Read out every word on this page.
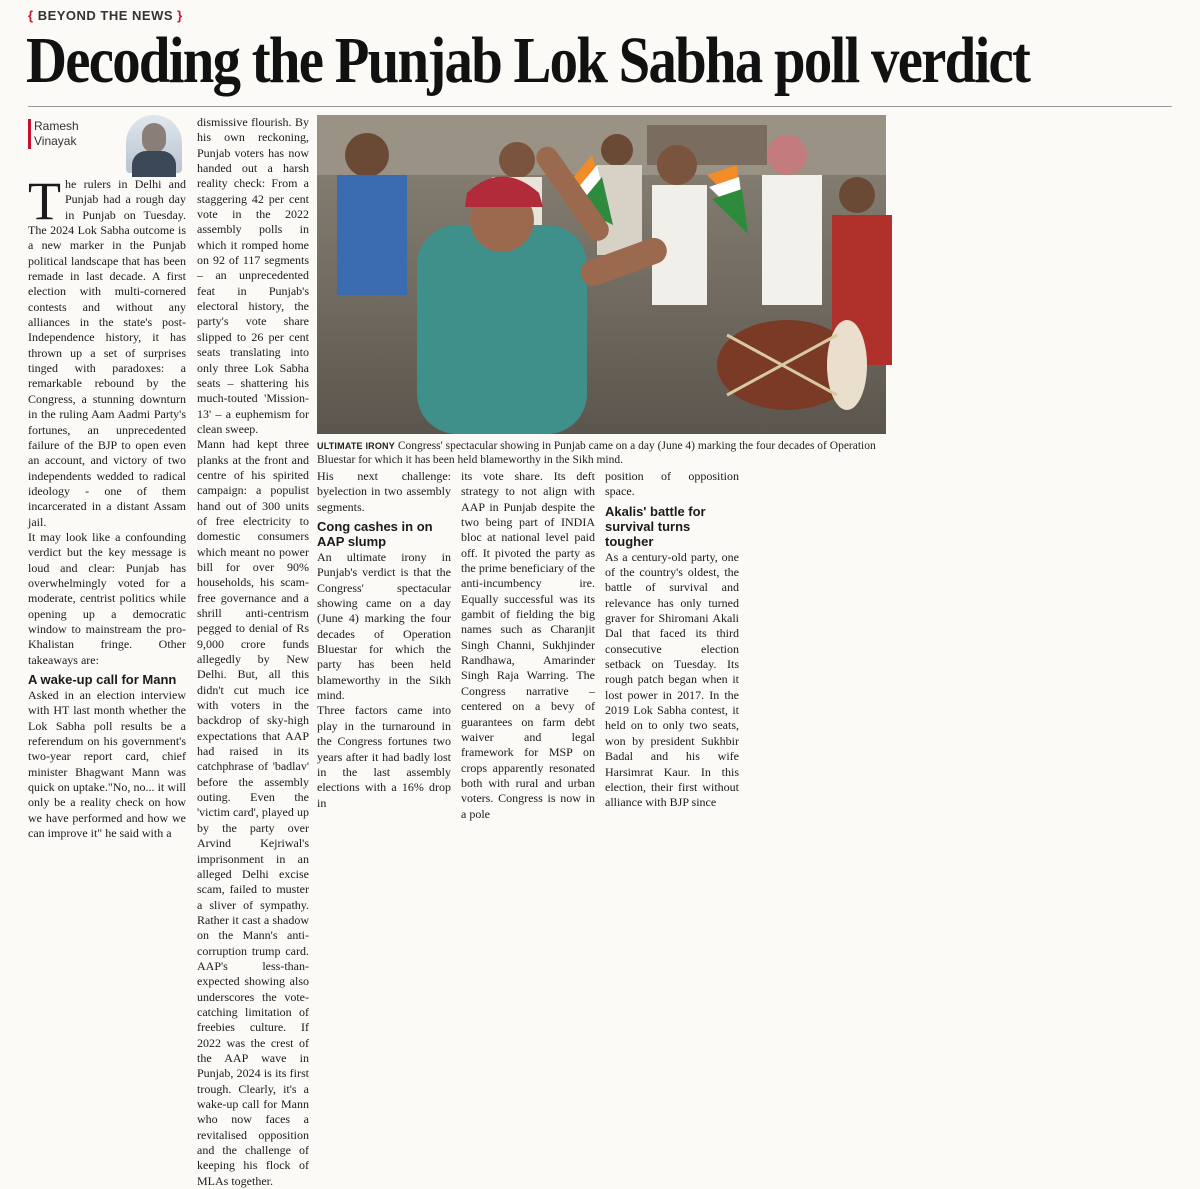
{ BEYOND THE NEWS }
Decoding the Punjab Lok Sabha poll verdict
Ramesh
Vinayak

The rulers in Delhi and Punjab had a rough day in Punjab on Tuesday. The 2024 Lok Sabha outcome is a new marker in the Punjab political landscape that has been remade in last decade. A first election with multi-cornered contests and without any alliances in the state's post-Independence history, it has thrown up a set of surprises tinged with paradoxes: a remarkable rebound by the Congress, a stunning downturn in the ruling Aam Aadmi Party's fortunes, an unprecedented failure of the BJP to open even an account, and victory of two independents wedded to radical ideology - one of them incarcerated in a distant Assam jail.

It may look like a confounding verdict but the key message is loud and clear: Punjab has overwhelmingly voted for a moderate, centrist politics while opening up a democratic window to mainstream the pro-Khalistan fringe. Other takeaways are:

A wake-up call for Mann

Asked in an election interview with HT last month whether the Lok Sabha poll results be a referendum on his government's two-year report card, chief minister Bhagwant Mann was quick on uptake."No, no... it will only be a reality check on how we have performed and how we can improve it" he said with a

dismissive flourish. By his own reckoning, Punjab voters has now handed out a harsh reality check: From a staggering 42 per cent vote in the 2022 assembly polls in which it romped home on 92 of 117 segments – an unprecedented feat in Punjab's electoral history, the party's vote share slipped to 26 per cent seats translating into only three Lok Sabha seats – shattering his much-touted 'Mission-13' – a euphemism for clean sweep.

Mann had kept three planks at the front and centre of his spirited campaign: a populist hand out of 300 units of free electricity to domestic consumers which meant no power bill for over 90% households, his scam-free governance and a shrill anti-centrism pegged to denial of Rs 9,000 crore funds allegedly by New Delhi. But, all this didn't cut much ice with voters in the backdrop of sky-high expectations that AAP had raised in its catchphrase of 'badlav' before the assembly outing. Even the 'victim card', played up by the party over Arvind Kejriwal's imprisonment in an alleged Delhi excise scam, failed to muster a sliver of sympathy. Rather it cast a shadow on the Mann's anti-corruption trump card. AAP's less-than-expected showing also underscores the vote-catching limitation of freebies culture. If 2022 was the crest of the AAP wave in Punjab, 2024 is its first trough. Clearly, it's a wake-up call for Mann who now faces a revitalised opposition and the challenge of keeping his flock of MLAs together.

ULTIMATE IRONY Congress' spectacular showing in Punjab came on a day (June 4) marking the four decades of Operation Bluestar for which it has been held blameworthy in the Sikh mind.

His next challenge: byelection in two assembly segments.

Cong cashes in on AAP slump

An ultimate irony in Punjab's verdict is that the Congress' spectacular showing came on a day (June 4) marking the four decades of Operation Bluestar for which the party has been held blameworthy in the Sikh mind.

Three factors came into play in the turnaround in the Congress fortunes two years after it had badly lost in the last assembly elections with a 16% drop in

its vote share. Its deft strategy to not align with AAP in Punjab despite the two being part of INDIA bloc at national level paid off. It pivoted the party as the prime beneficiary of the anti-incumbency ire. Equally successful was its gambit of fielding the big names such as Charanjit Singh Channi, Sukhjinder Randhawa, Amarinder Singh Raja Warring. The Congress narrative – centered on a bevy of guarantees on farm debt waiver and legal framework for MSP on crops apparently resonated both with rural and urban voters. Congress is now in a pole

position of opposition space.

Akalis' battle for survival turns tougher

As a century-old party, one of the country's oldest, the battle of survival and relevance has only turned graver for Shiromani Akali Dal that faced its third consecutive election setback on Tuesday. Its rough patch began when it lost power in 2017. In the 2019 Lok Sabha contest, it held on to only two seats, won by president Sukhbir Badal and his wife Harsimrat Kaur. In this election, their first without alliance with BJP since
